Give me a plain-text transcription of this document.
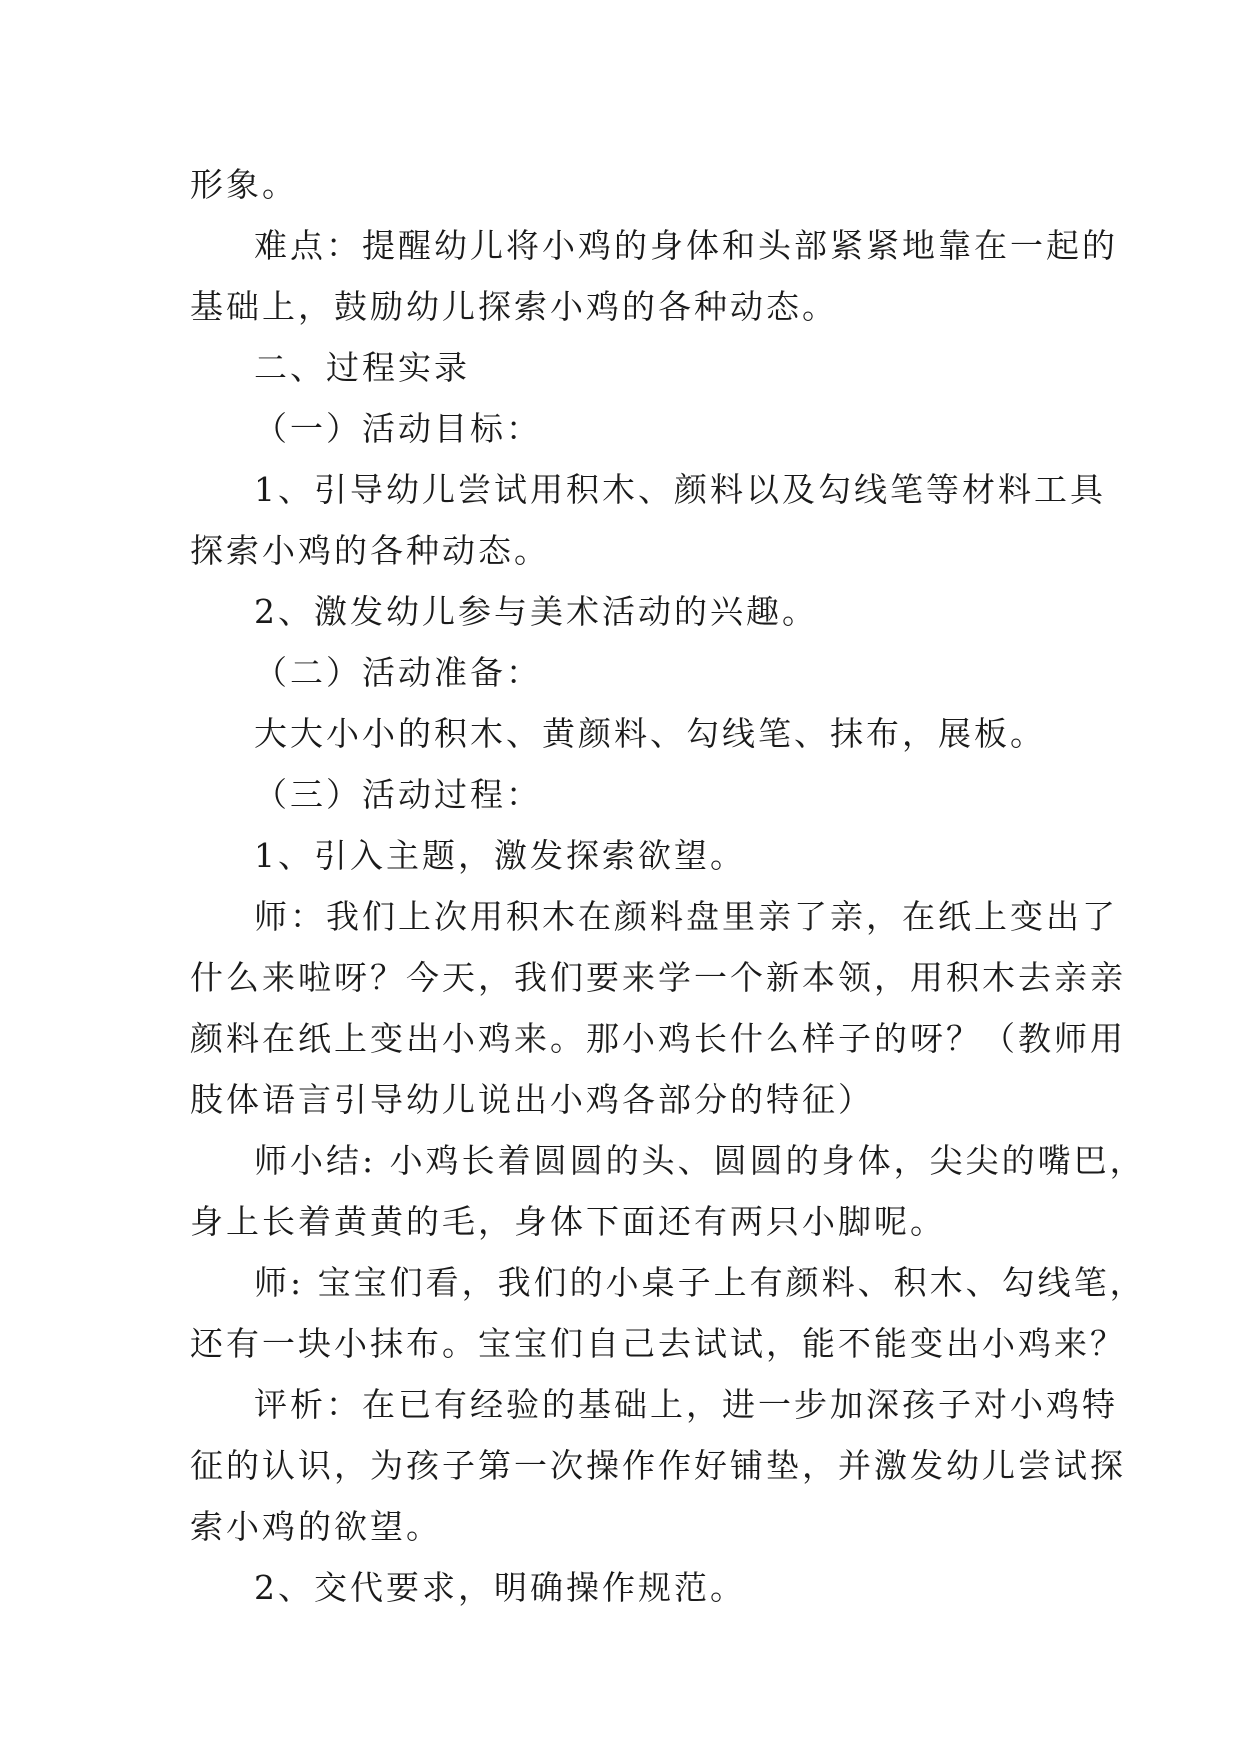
形象。
难点：提醒幼儿将小鸡的身体和头部紧紧地靠在一起的
基础上，鼓励幼儿探索小鸡的各种动态。
二、过程实录
（一）活动目标：
1、引导幼儿尝试用积木、颜料以及勾线笔等材料工具
探索小鸡的各种动态。
2、激发幼儿参与美术活动的兴趣。
（二）活动准备：
大大小小的积木、黄颜料、勾线笔、抹布，展板。
（三）活动过程：
1、引入主题，激发探索欲望。
师：我们上次用积木在颜料盘里亲了亲，在纸上变出了
什么来啦呀？今天，我们要来学一个新本领，用积木去亲亲
颜料在纸上变出小鸡来。那小鸡长什么样子的呀？（教师用
肢体语言引导幼儿说出小鸡各部分的特征）
师小结: 小鸡长着圆圆的头、圆圆的身体，尖尖的嘴巴，
身上长着黄黄的毛，身体下面还有两只小脚呢。
师: 宝宝们看，我们的小桌子上有颜料、积木、勾线笔，
还有一块小抹布。宝宝们自己去试试，能不能变出小鸡来？
评析：在已有经验的基础上，进一步加深孩子对小鸡特
征的认识，为孩子第一次操作作好铺垫，并激发幼儿尝试探
索小鸡的欲望。
2、交代要求，明确操作规范。
